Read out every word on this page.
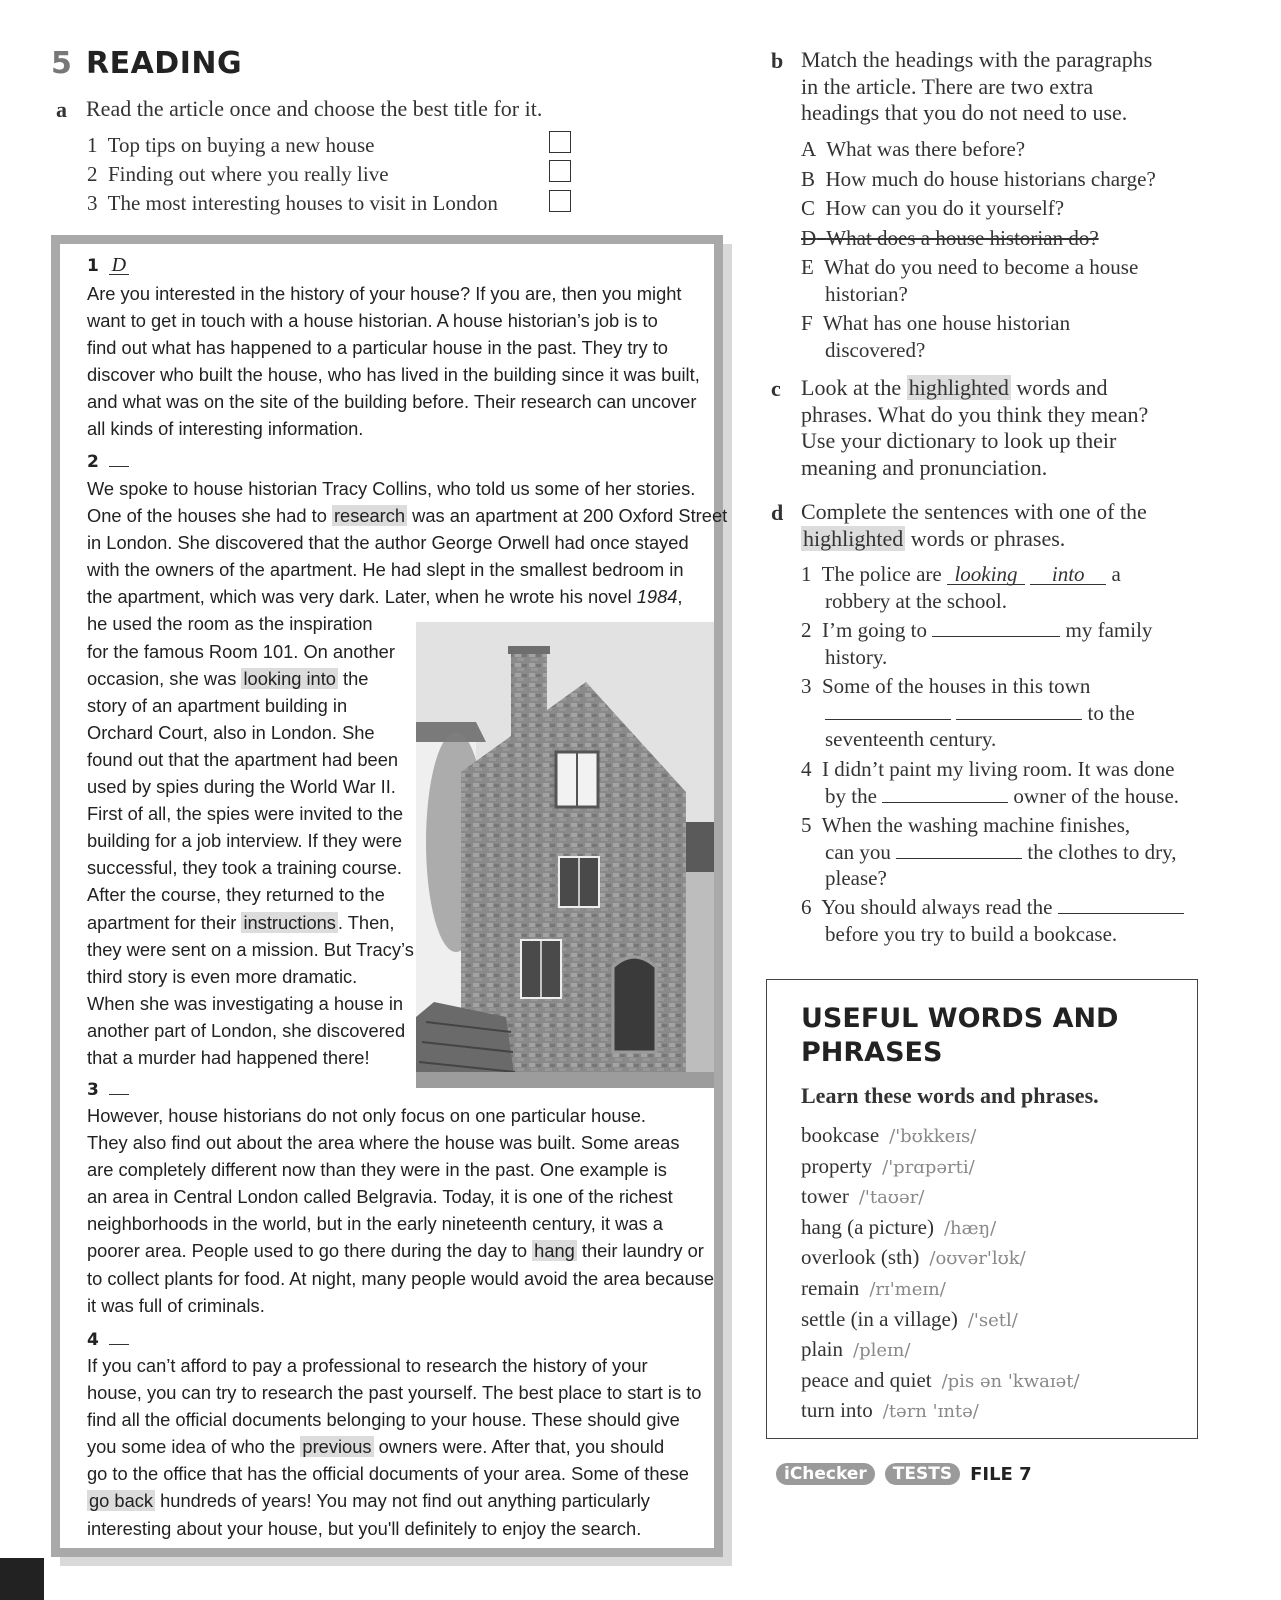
5 READING
a Read the article once and choose the best title for it.
1 Top tips on buying a new house
2 Finding out where you really live
3 The most interesting houses to visit in London
1 D
Are you interested in the history of your house? If you are, then you might
want to get in touch with a house historian. A house historian’s job is to
find out what has happened to a particular house in the past. They try to
discover who built the house, who has lived in the building since it was built,
and what was on the site of the building before. Their research can uncover
all kinds of interesting information.
2
We spoke to house historian Tracy Collins, who told us some of her stories.
One of the houses she had to research was an apartment at 200 Oxford Street
in London. She discovered that the author George Orwell had once stayed
with the owners of the apartment. He had slept in the smallest bedroom in
the apartment, which was very dark. Later, when he wrote his novel 1984,
he used the room as the inspiration
for the famous Room 101. On another
occasion, she was looking into the
story of an apartment building in
Orchard Court, also in London. She
found out that the apartment had been
used by spies during the World War II.
First of all, the spies were invited to the
building for a job interview. If they were
successful, they took a training course.
After the course, they returned to the
apartment for their instructions . Then,
they were sent on a mission. But Tracy’s
third story is even more dramatic.
When she was investigating a house in
another part of London, she discovered
that a murder had happened there!
3
However, house historians do not only focus on one particular house.
They also find out about the area where the house was built. Some areas
are completely different now than they were in the past. One example is
an area in Central London called Belgravia. Today, it is one of the richest
neighborhoods in the world, but in the early nineteenth century, it was a
poorer area. People used to go there during the day to hang their laundry or
to collect plants for food. At night, many people would avoid the area because
it was full of criminals.
4
If you can’t afford to pay a professional to research the history of your
house, you can try to research the past yourself. The best place to start is to
find all the official documents belonging to your house. These should give
you some idea of who the previous owners were. After that, you should
go to the office that has the official documents of your area. Some of these
go back hundreds of years! You may not find out anything particularly
interesting about your house, but you'll definitely to enjoy the search.
b Match the headings with the paragraphs
in the article. There are two extra
headings that you do not need to use.
A What was there before?
B How much do house historians charge?
C How can you do it yourself?
D What does a house historian do?
E What do you need to become a house
historian?
F What has one house historian
discovered?
c Look at the highlighted words and
phrases. What do you think they mean?
Use your dictionary to look up their
meaning and pronunciation.
d Complete the sentences with one of the
highlighted words or phrases.
1 The police are looking into a
robbery at the school.
2 I’m going to	my family
history.
3 Some of the houses in this town
to the
seventeenth century.
4 I didn’t paint my living room. It was done
by the	owner of the house.
5 When the washing machine finishes,
can you	the clothes to dry,
please?
6 You should always read the
before you try to build a bookcase.
USEFUL WORDS AND
PHRASES
Learn these words and phrases.
bookcase /'bʊkkeɪs/
property /'prɑpərti/
tower /'taʊər/
hang (a picture) /hæŋ/
overlook (sth) /oʊvər'lʊk/
remain /rɪ'meɪn/
settle (in a village) /'setl/
plain /pleɪn/
peace and quiet /pis ən 'kwaɪət/
turn into /tərn 'ɪntə/
iChecker	TESTS	FILE 7
